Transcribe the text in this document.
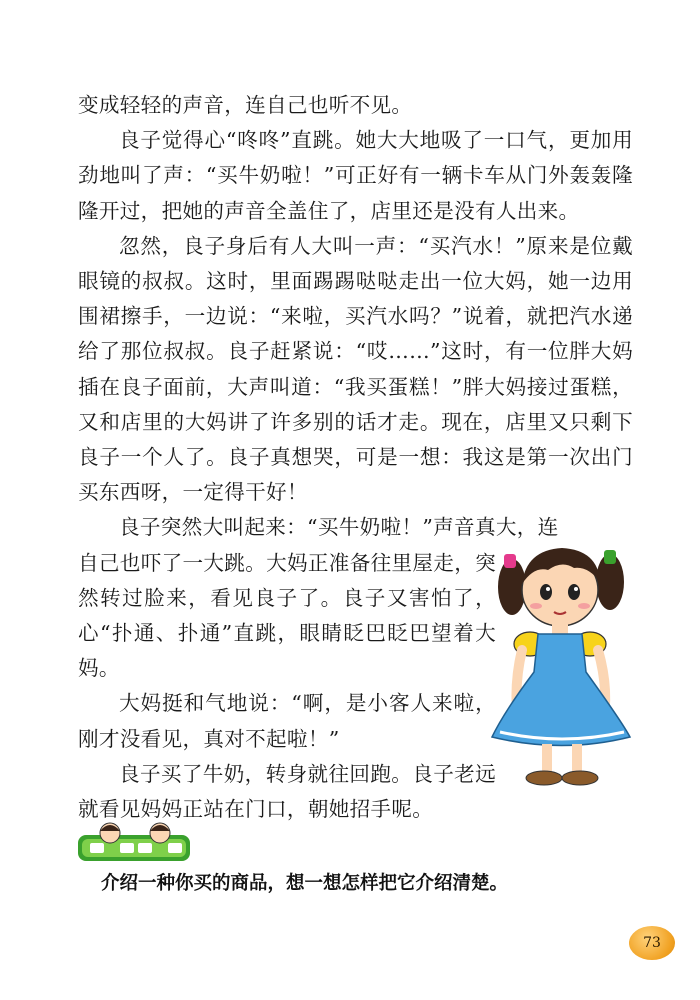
变成轻轻的声音，连自己也听不见。

良子觉得心“咚咚”直跳。她大大地吸了一口气，更加用劲地叫了声：“买牛奶啦！”可正好有一辆卡车从门外轰轰隆隆开过，把她的声音全盖住了，店里还是没有人出来。

忽然，良子身后有人大叫一声：“买汽水！”原来是位戴眼镜的叔叔。这时，里面踢踢哒哒走出一位大妈，她一边用围裙擦手，一边说：“来啦，买汽水吗？”说着，就把汽水递给了那位叔叔。良子赶紧说：“哎……”这时，有一位胖大妈插在良子面前，大声叫道：“我买蛋糕！”胖大妈接过蛋糕，又和店里的大妈讲了许多别的话才走。现在，店里又只剩下良子一个人了。良子真想哭，可是一想：我这是第一次出门买东西呀，一定得干好！

良子突然大叫起来：“买牛奶啦！”声音真大，连

自己也吓了一大跳。大妈正准备往里屋走，突然转过脸来，看见良子了。良子又害怕了，心“扑通、扑通”直跳，眼睛眨巴眨巴望着大妈。

大妈挺和气地说：“啊，是小客人来啦，刚才没看见，真对不起啦！”

良子买了牛奶，转身就往回跑。良子老远就看见妈妈正站在门口，朝她招手呢。

介绍一种你买的商品，想一想怎样把它介绍清楚。
73
